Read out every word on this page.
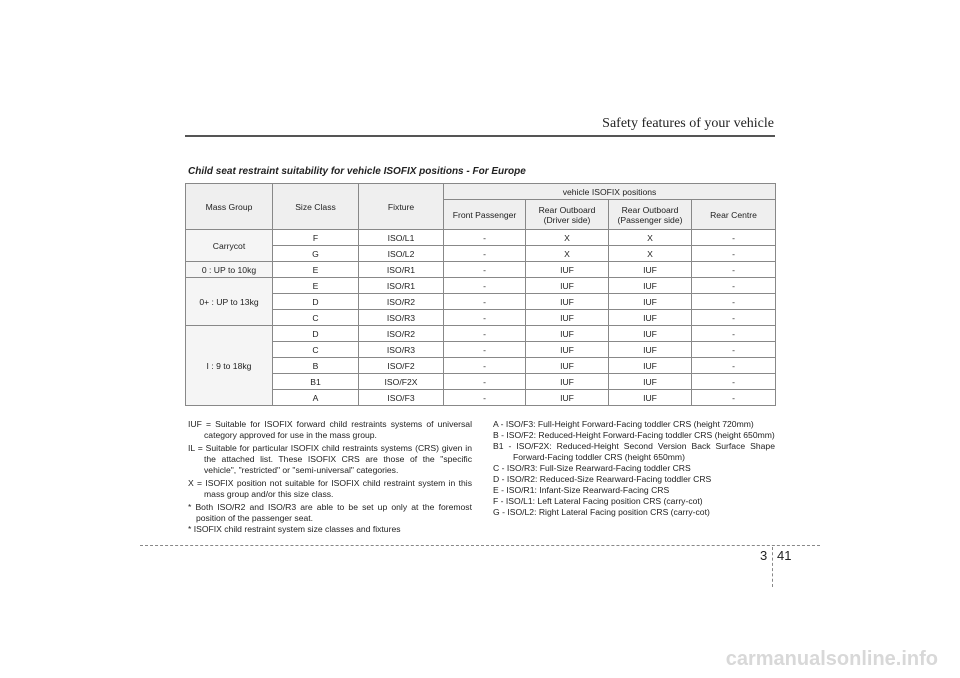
Safety features of your vehicle
Child seat restraint suitability for vehicle ISOFIX positions - For Europe
Mass Group	Size Class	Fixture	vehicle ISOFIX positions			
			Front Passenger	Rear Outboard (Driver side)	Rear Outboard (Passenger side)	Rear Centre
Carrycot	F	ISO/L1	-	X	X	-
	G	ISO/L2	-	X	X	-
0 : UP to 10kg	E	ISO/R1	-	IUF	IUF	-
0+ : UP to 13kg	E	ISO/R1	-	IUF	IUF	-
	D	ISO/R2	-	IUF	IUF	-
	C	ISO/R3	-	IUF	IUF	-
I : 9 to 18kg	D	ISO/R2	-	IUF	IUF	-
	C	ISO/R3	-	IUF	IUF	-
	B	ISO/F2	-	IUF	IUF	-
	B1	ISO/F2X	-	IUF	IUF	-
	A	ISO/F3	-	IUF	IUF	-

IUF = Suitable for ISOFIX forward child restraints systems of universal category approved for use in the mass group.

IL = Suitable for particular ISOFIX child restraints systems (CRS) given in the attached list. These ISOFIX CRS are those of the "specific vehicle", "restricted" or "semi-universal" categories.

X = ISOFIX position not suitable for ISOFIX child restraint system in this mass group and/or this size class.

* Both ISO/R2 and ISO/R3 are able to be set up only at the foremost position of the passenger seat.

* ISOFIX child restraint system size classes and fixtures

A - ISO/F3: Full-Height Forward-Facing toddler CRS (height 720mm)

B - ISO/F2: Reduced-Height Forward-Facing toddler CRS (height 650mm)

B1 - ISO/F2X: Reduced-Height Second Version Back Surface Shape Forward-Facing toddler CRS (height 650mm)

C - ISO/R3: Full-Size Rearward-Facing toddler CRS

D - ISO/R2: Reduced-Size Rearward-Facing toddler CRS

E - ISO/R1: Infant-Size Rearward-Facing CRS

F - ISO/L1: Left Lateral Facing position CRS (carry-cot)

G - ISO/L2: Right Lateral Facing position CRS (carry-cot)

3 41
carmanualsonline.info
